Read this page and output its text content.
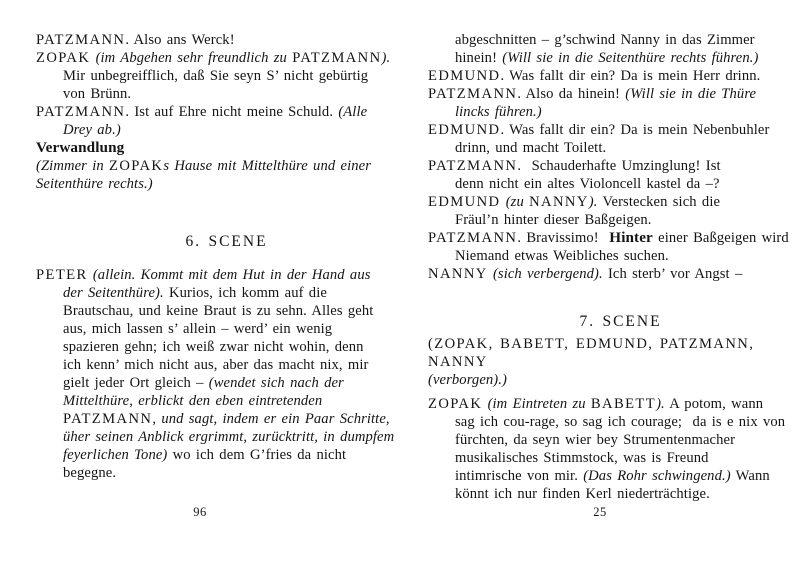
PATZMANN. Also ans Werck!
ZOPAK (im Abgehen sehr freundlich zu PATZMANN).
Mir unbegreifflich, daß Sie seyn S’ nicht gebürtig
von Brünn.
PATZMANN. Ist auf Ehre nicht meine Schuld. (Alle
Drey ab.)
Verwandlung
(Zimmer in ZOPAKs Hause mit Mittelthüre und einer
Seitenthüre rechts.)
6. SCENE
PETER (allein. Kommt mit dem Hut in der Hand aus
der Seitenthüre). Kurios, ich komm auf die
Brautschau, und keine Braut is zu sehn. Alles geht
aus, mich lassen s’ allein – werd’ ein wenig
spazieren gehn; ich weiß zwar nicht wohin, denn
ich kenn’ mich nicht aus, aber das macht nix, mir
gielt jeder Ort gleich – (wendet sich nach der
Mittelthüre, erblickt den eben eintretenden
PATZMANN, und sagt, indem er ein Paar Schritte,
üher seinen Anblick ergrimmt, zurücktritt, in dumpfem
feyerlichen Tone) wo ich dem G’fries da nicht
begegne.
96
abgeschnitten – g’schwind Nanny in das Zimmer
hinein! (Will sie in die Seitenthüre rechts führen.)
EDMUND. Was fallt dir ein? Da is mein Herr drinn.
PATZMANN. Also da hinein! (Will sie in die Thüre
lincks führen.)
EDMUND. Was fallt dir ein? Da is mein Nebenbuhler
drinn, und macht Toilett.
PATZMANN.  Schauderhafte Umzinglung! Ist
denn nicht ein altes Violoncell kastel da –?
EDMUND (zu NANNY). Verstecken sich die
Fräul’n hinter dieser Baßgeigen.
PATZMANN. Bravissimo!  Hinter einer Baßgeigen wird
Niemand etwas Weibliches suchen.
NANNY (sich verbergend). Ich sterb’ vor Angst –
7. SCENE
(ZOPAK, BABETT, EDMUND, PATZMANN,
NANNY
(verborgen).)
ZOPAK (im Eintreten zu BABETT). A potom, wann
sag ich cou-rage, so sag ich courage;  da is e nix von
fürchten, da seyn wier bey Strumentenmacher
musikalisches Stimmstock, was is Freund
intimrische von mir. (Das Rohr schwingend.) Wann
könnt ich nur finden Kerl niederträchtige.
25
